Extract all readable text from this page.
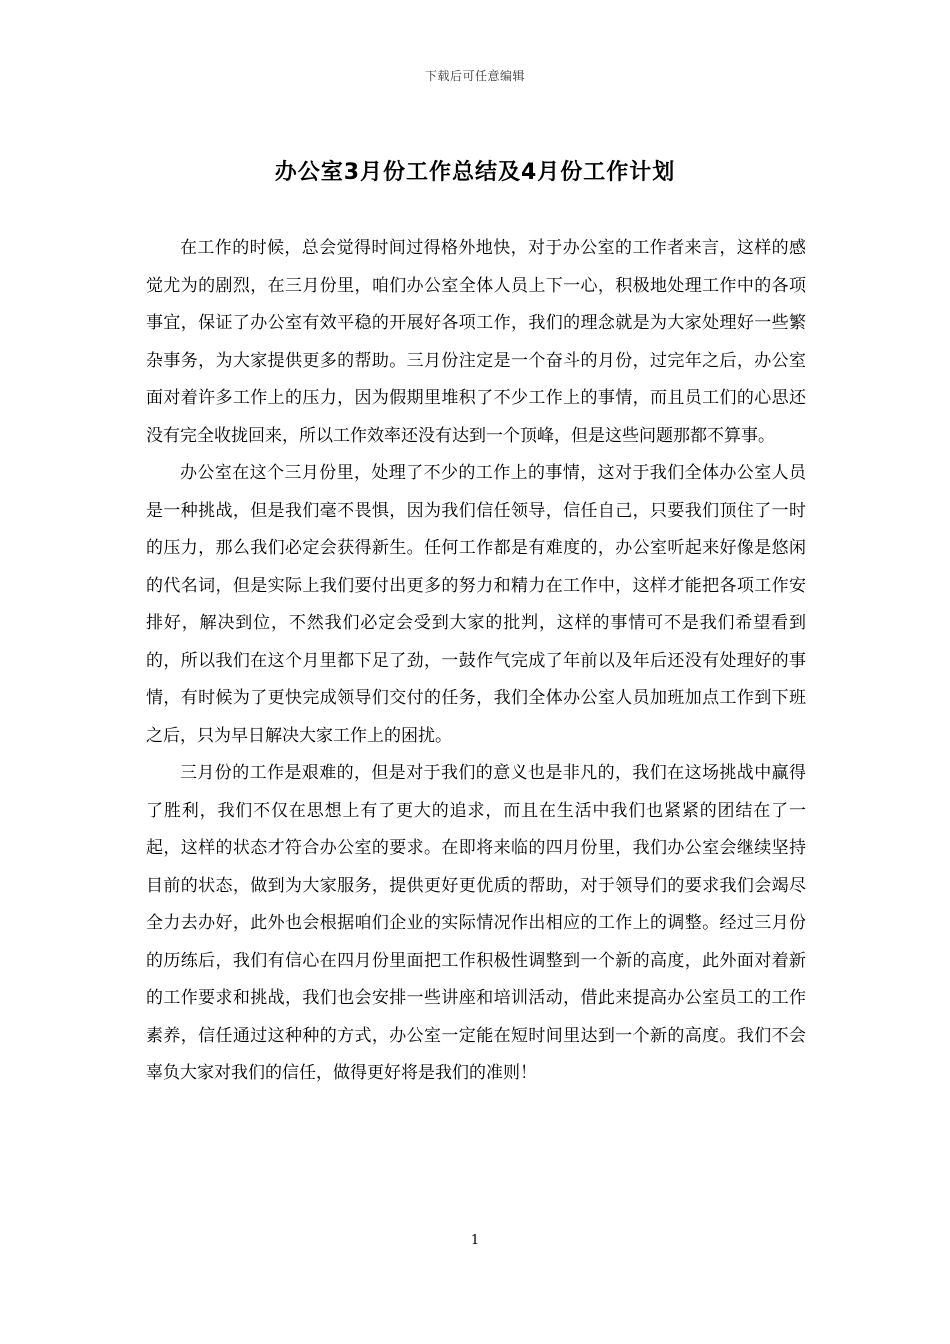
下载后可任意编辑
办公室3月份工作总结及4月份工作计划

在工作的时候，总会觉得时间过得格外地快，对于办公室的工作者来言，这样的感觉尤为的剧烈，在三月份里，咱们办公室全体人员上下一心，积极地处理工作中的各项事宜，保证了办公室有效平稳的开展好各项工作，我们的理念就是为大家处理好一些繁杂事务，为大家提供更多的帮助。三月份注定是一个奋斗的月份，过完年之后，办公室面对着许多工作上的压力，因为假期里堆积了不少工作上的事情，而且员工们的心思还没有完全收拢回来，所以工作效率还没有达到一个顶峰，但是这些问题那都不算事。

办公室在这个三月份里，处理了不少的工作上的事情，这对于我们全体办公室人员是一种挑战，但是我们毫不畏惧，因为我们信任领导，信任自己，只要我们顶住了一时的压力，那么我们必定会获得新生。任何工作都是有难度的，办公室听起来好像是悠闲的代名词，但是实际上我们要付出更多的努力和精力在工作中，这样才能把各项工作安排好，解决到位，不然我们必定会受到大家的批判，这样的事情可不是我们希望看到的，所以我们在这个月里都下足了劲，一鼓作气完成了年前以及年后还没有处理好的事情，有时候为了更快完成领导们交付的任务，我们全体办公室人员加班加点工作到下班之后，只为早日解决大家工作上的困扰。

三月份的工作是艰难的，但是对于我们的意义也是非凡的，我们在这场挑战中赢得了胜利，我们不仅在思想上有了更大的追求，而且在生活中我们也紧紧的团结在了一起，这样的状态才符合办公室的要求。在即将来临的四月份里，我们办公室会继续坚持目前的状态，做到为大家服务，提供更好更优质的帮助，对于领导们的要求我们会竭尽全力去办好，此外也会根据咱们企业的实际情况作出相应的工作上的调整。经过三月份的历练后，我们有信心在四月份里面把工作积极性调整到一个新的高度，此外面对着新的工作要求和挑战，我们也会安排一些讲座和培训活动，借此来提高办公室员工的工作素养，信任通过这种种的方式，办公室一定能在短时间里达到一个新的高度。我们不会辜负大家对我们的信任，做得更好将是我们的准则！

1
